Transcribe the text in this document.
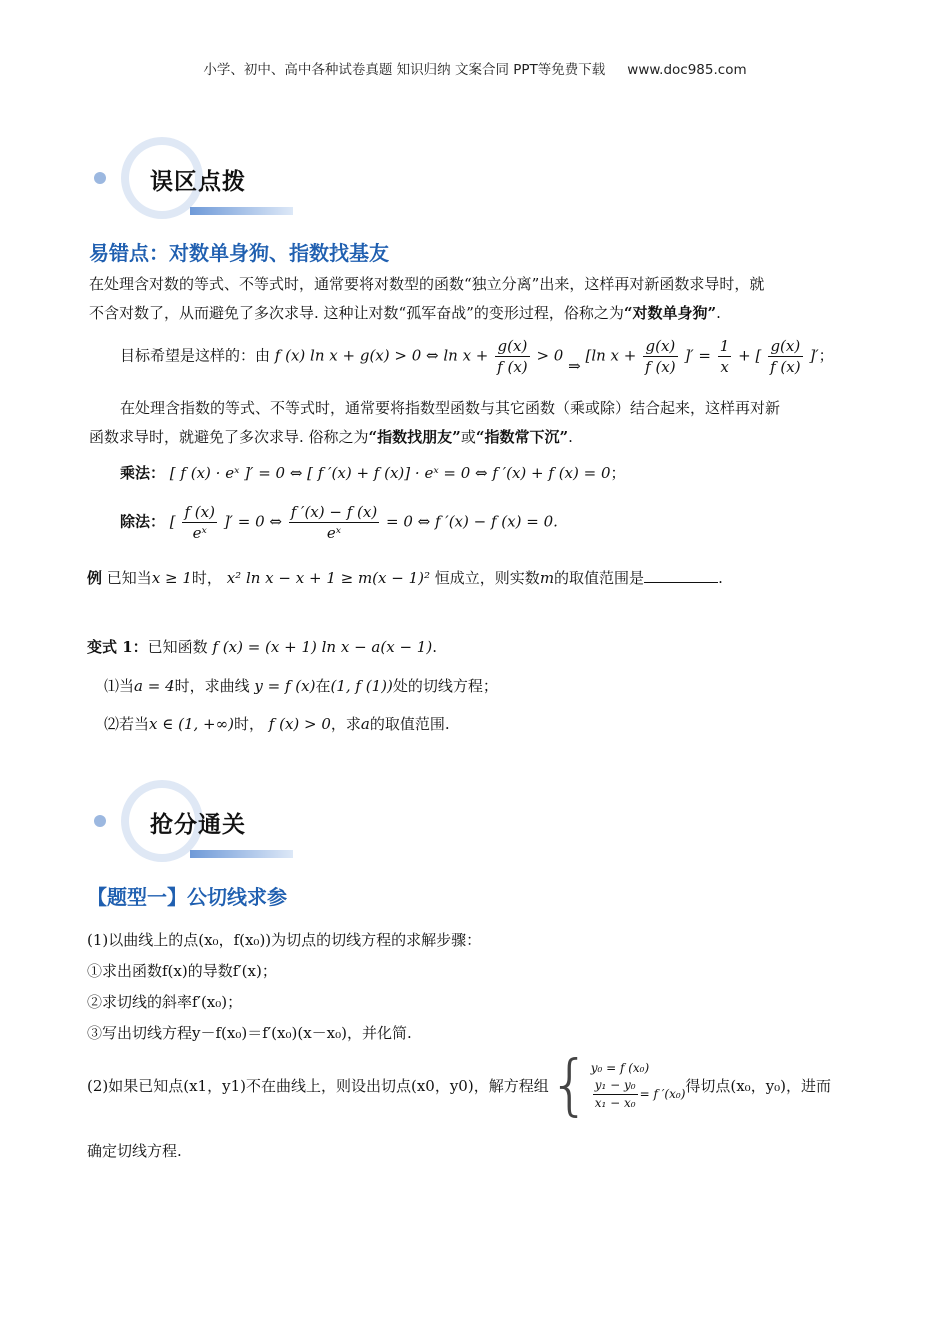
小学、初中、高中各种试卷真题 知识归纳 文案合同 PPT等免费下载 www.doc985.com
误区点拨
易错点：对数单身狗、指数找基友
在处理含对数的等式、不等式时，通常要将对数型的函数“独立分离”出来，这样再对新函数求导时，就
不含对数了，从而避免了多次求导. 这种让对数“孤军奋战”的变形过程，俗称之为“对数单身狗”.
目标希望是这样的：由 f (x) ln x + g(x) > 0 ⇔ $\ln x + \frac{g(x)}{f (x)} > 0$ ⇒ [ln $x + \frac{g(x)}{f (x)}$ ]′ = $\frac{1}{x}$ + [ $\frac{g(x)}{f (x)}$ ]′；
在处理含指数的等式、不等式时，通常要将指数型函数与其它函数（乘或除）结合起来，这样再对新
函数求导时，就避免了多次求导. 俗称之为“指数找朋友”或“指数常下沉”.
乘法： [ f (x) · eˣ ]′ = 0 ⇔ [ f ′(x) + f (x)] · eˣ = 0 ⇔ f ′(x) + f (x) = 0；
除法： [ $\frac{f (x)}{\text{eˣ}}$ ]′ = 0 ⇔ $\frac{f '(x) - f (x)}{\text{eˣ}} = 0$ ⇔ f ′(x) − f (x) = 0.
例 已知当x ≥ 1时， x² ln x − x + 1 ≥ m(x − 1)² 恒成立，则实数m的取值范围是	.
变式 1：已知函数 f (x) = (x + 1) ln x − a(x − 1).
⑴当a = 4时，求曲线 y = f (x)在(1, f (1))处的切线方程；
⑵若当x ∈ (1, +∞)时， f (x) > 0，求a的取值范围.
抢分通关
【题型一】公切线求参
(1)以曲线上的点(x₀，f(x₀))为切点的切线方程的求解步骤：
①求出函数f(x)的导数f′(x)；
②求切线的斜率f′(x₀)；
③写出切线方程y－f(x₀)＝f′(x₀)(x－x₀)，并化简.
(2)如果已知点(x1，y1)不在曲线上，则设出切点(x0，y0)，解方程组 { y₀ = f (x₀)
$\frac{\text{y₁ − y₀}}{\text{x₁ − x₀}} = f$ ′(x₀) 得切点(x₀，y₀)，进而
确定切线方程.
